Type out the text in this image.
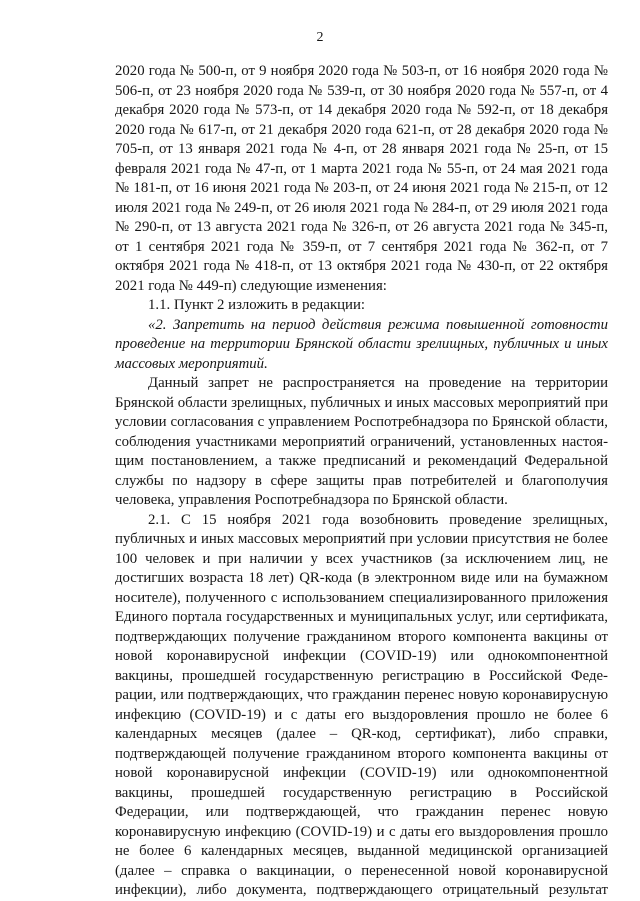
2

2020 года № 500-п, от 9 ноября 2020 года № 503-п, от 16 ноября 2020 года № 506-п, от 23 ноября 2020 года № 539-п, от 30 ноября 2020 года № 557-п, от 4 декабря 2020 года № 573-п, от 14 декабря 2020 года № 592-п, от 18 декабря 2020 года № 617-п, от 21 декабря 2020 года 621-п, от 28 декабря 2020 года № 705-п, от 13 января 2021 года № 4-п, от 28 января 2021 года № 25-п, от 15 февраля 2021 года № 47-п, от 1 марта 2021 года № 55-п, от 24 мая 2021 года № 181-п, от 16 июня 2021 года № 203-п, от 24 июня 2021 года № 215-п, от 12 июля 2021 года № 249-п, от 26 июля 2021 года № 284-п, от 29 июля 2021 года № 290-п, от 13 августа 2021 года № 326-п, от 26 августа 2021 года № 345-п, от 1 сентября 2021 года № 359-п, от 7 сентября 2021 года № 362-п, от 7 октября 2021 года № 418-п, от 13 октября 2021 года № 430-п, от 22 октября 2021 года № 449-п) следующие изменения:

1.1. Пункт 2 изложить в редакции:

«2. Запретить на период действия режима повышенной готовности проведение на территории Брянской области зрелищных, публичных и иных массовых мероприятий.

Данный запрет не распространяется на проведение на территории Брянской области зрелищных, публичных и иных массовых мероприятий при условии согласования с управлением Роспотребнадзора по Брянской области, соблюдения участниками мероприятий ограничений, установленных настоя-щим постановлением, а также предписаний и рекомендаций Федеральной службы по надзору в сфере защиты прав потребителей и благополучия человека, управления Роспотребнадзора по Брянской области.

2.1. С 15 ноября 2021 года возобновить проведение зрелищных, публичных и иных массовых мероприятий при условии присутствия не более 100 человек и при наличии у всех участников (за исключением лиц, не достигших возраста 18 лет) QR-кода (в электронном виде или на бумажном носителе), полученного с использованием специализированного приложения Единого портала государственных и муниципальных услуг, или сертификата, подтверждающих получение гражданином второго компонента вакцины от новой коронавирусной инфекции (COVID-19) или однокомпонентной вакцины, прошедшей государственную регистрацию в Российской Феде-рации, или подтверждающих, что гражданин перенес новую коронавирусную инфекцию (COVID-19) и с даты его выздоровления прошло не более 6 календарных месяцев (далее – QR-код, сертификат), либо справки, подтверждающей получение гражданином второго компонента вакцины от новой коронавирусной инфекции (COVID-19) или однокомпонентной вакцины, прошедшей государственную регистрацию в Российской Федерации, или подтверждающей, что гражданин перенес новую коронавирусную инфекцию (COVID-19) и с даты его выздоровления прошло не более 6 календарных месяцев, выданной медицинской организацией (далее – справка о вакцинации, о перенесенной новой коронавирусной инфекции), либо документа, подтверждающего отрицательный результат
